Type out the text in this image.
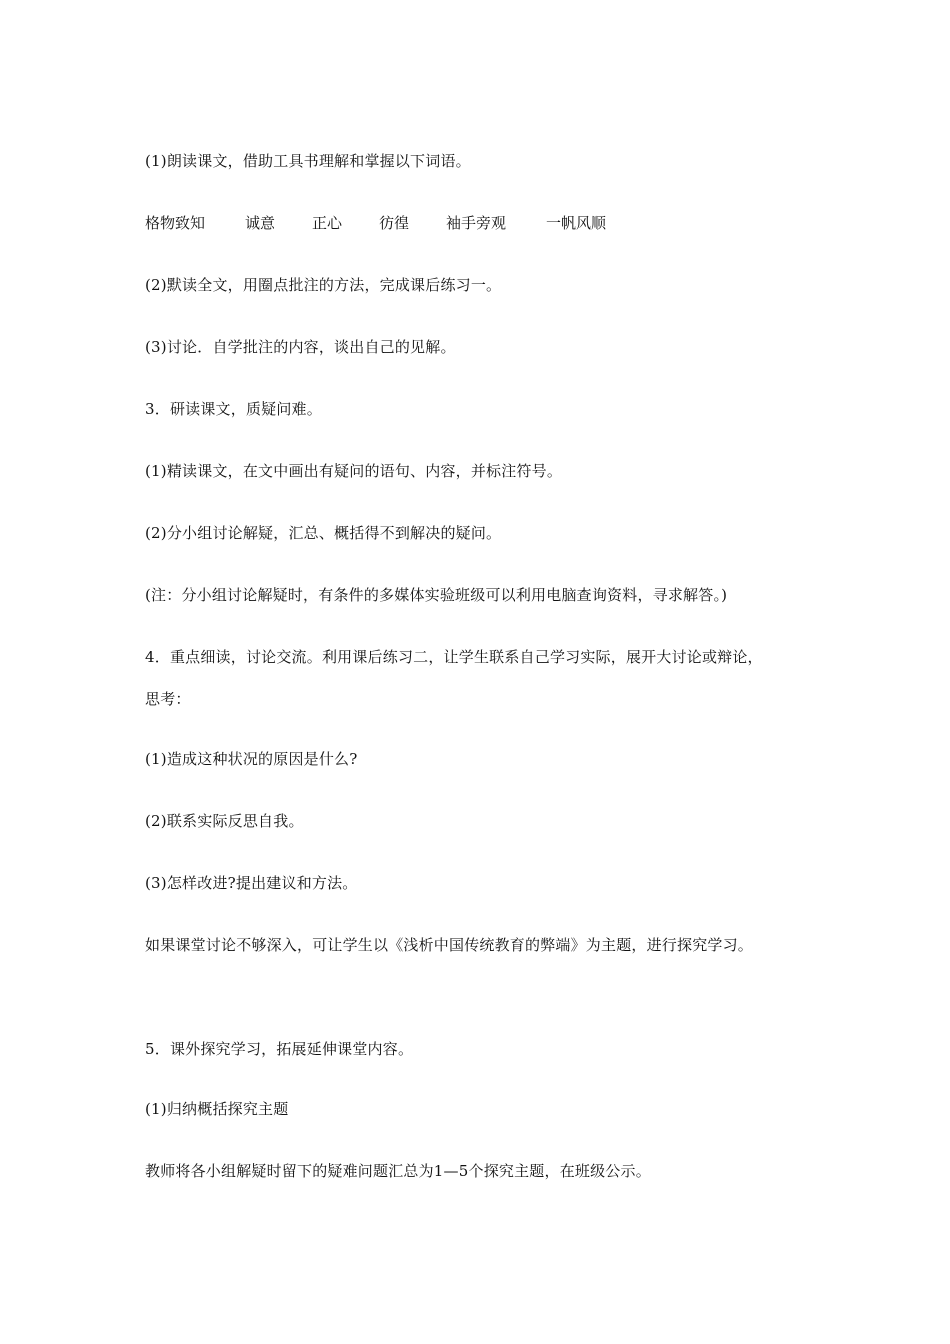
(1)朗读课文，借助工具书理解和掌握以下词语。
格物致知	诚意 正心 彷徨 袖手旁观	一帆风顺
(2)默读全文，用圈点批注的方法，完成课后练习一。
(3)讨论．自学批注的内容，谈出自己的见解。
3．研读课文，质疑问难。
(1)精读课文，在文中画出有疑问的语句、内容，并标注符号。
(2)分小组讨论解疑，汇总、概括得不到解决的疑问。
(注：分小组讨论解疑时，有条件的多媒体实验班级可以利用电脑查询资料，寻求解答。)
4．重点细读，讨论交流。利用课后练习二，让学生联系自己学习实际，展开大讨论或辩论，
思考：
(1)造成这种状况的原因是什么?
(2)联系实际反思自我。
(3)怎样改进?提出建议和方法。
如果课堂讨论不够深入，可让学生以《浅析中国传统教育的弊端》为主题，进行探究学习。
5．课外探究学习，拓展延伸课堂内容。
(1)归纳概括探究主题
教师将各小组解疑时留下的疑难问题汇总为1—5个探究主题，在班级公示。
